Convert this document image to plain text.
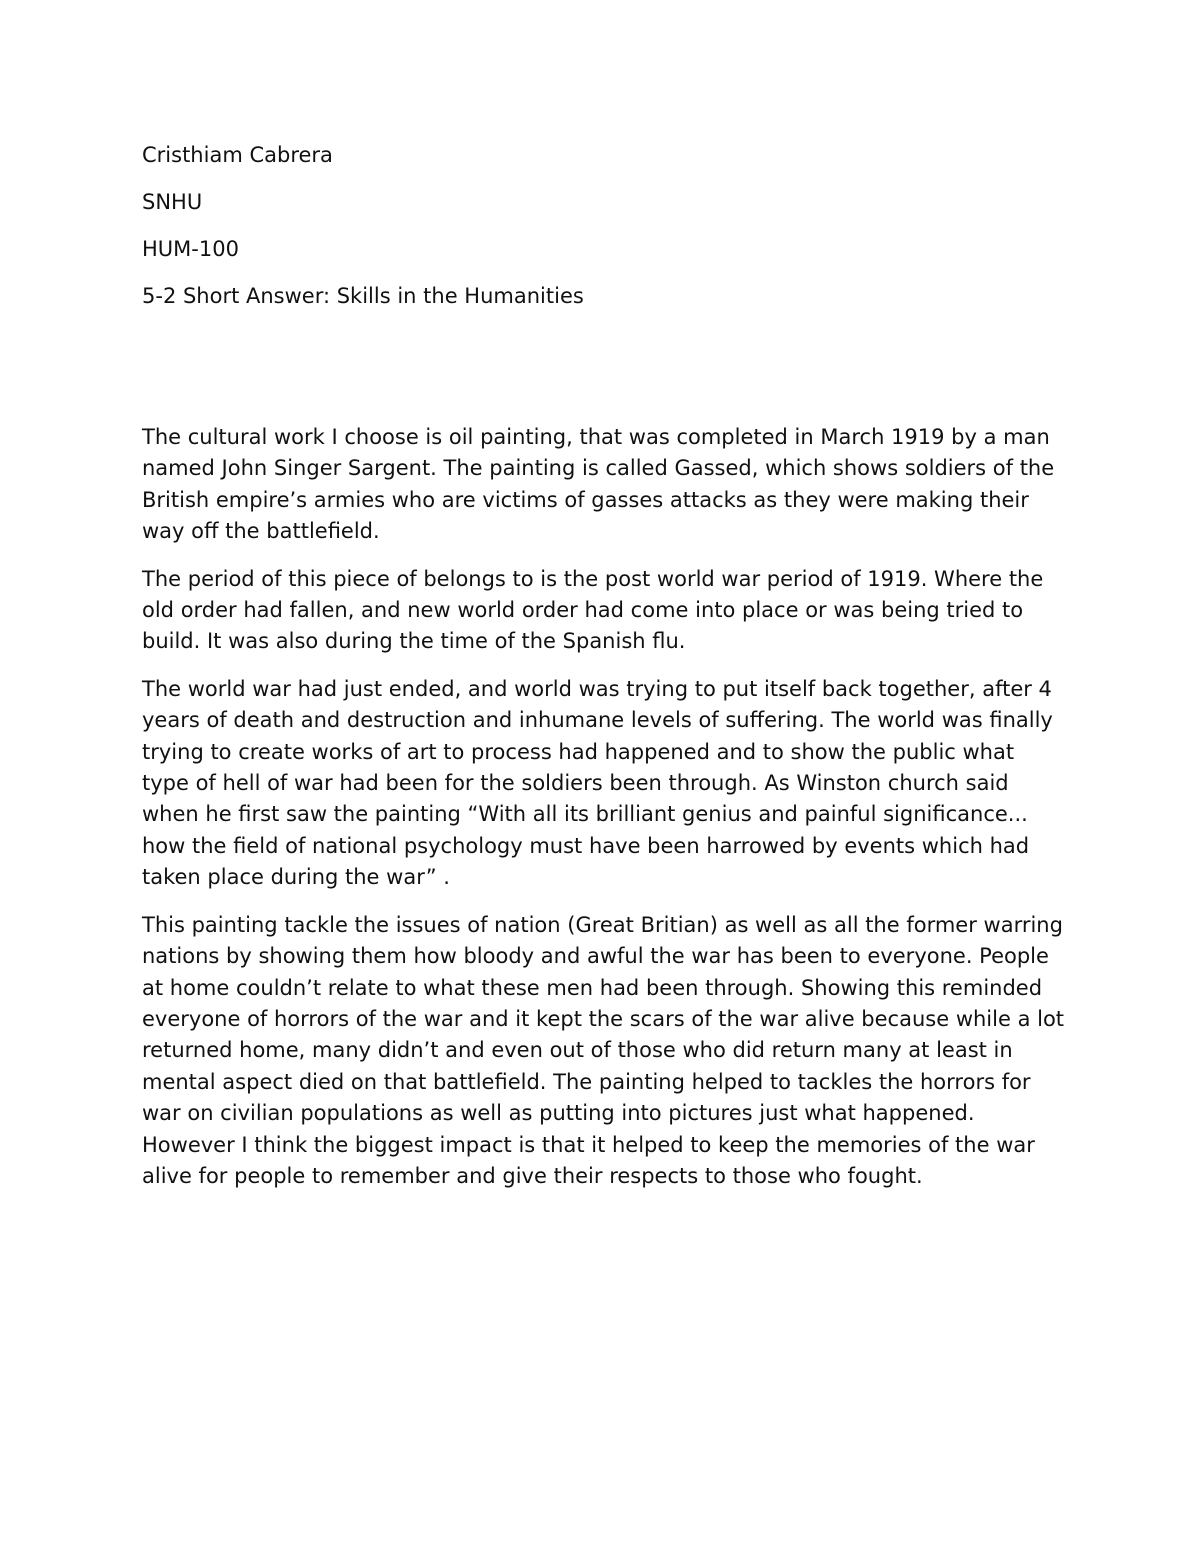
Cristhiam Cabrera

SNHU

HUM-100

5-2 Short Answer: Skills in the Humanities

The cultural work I choose is oil painting, that was completed in March 1919 by a man named John Singer Sargent. The painting is called Gassed, which shows soldiers of the British empire’s armies who are victims of gasses attacks as they were making their way off the battlefield.

The period of this piece of belongs to is the post world war period of 1919. Where the old order had fallen, and new world order had come into place or was being tried to build. It was also during the time of the Spanish flu.

The world war had just ended, and world was trying to put itself back together, after 4 years of death and destruction and inhumane levels of suffering. The world was finally trying to create works of art to process had happened and to show the public what type of hell of war had been for the soldiers been through. As Winston church said when he first saw the painting “With all its brilliant genius and painful significance... how the field of national psychology must have been harrowed by events which had taken place during the war” .

This painting tackle the issues of nation (Great Britian) as well as all the former warring nations by showing them how bloody and awful the war has been to everyone. People at home couldn’t relate to what these men had been through. Showing this reminded everyone of horrors of the war and it kept the scars of the war alive because while a lot returned home, many didn’t and even out of those who did return many at least in mental aspect died on that battlefield. The painting helped to tackles the horrors for war on civilian populations as well as putting into pictures just what happened. However I think the biggest impact is that it helped to keep the memories of the war alive for people to remember and give their respects to those who fought.
